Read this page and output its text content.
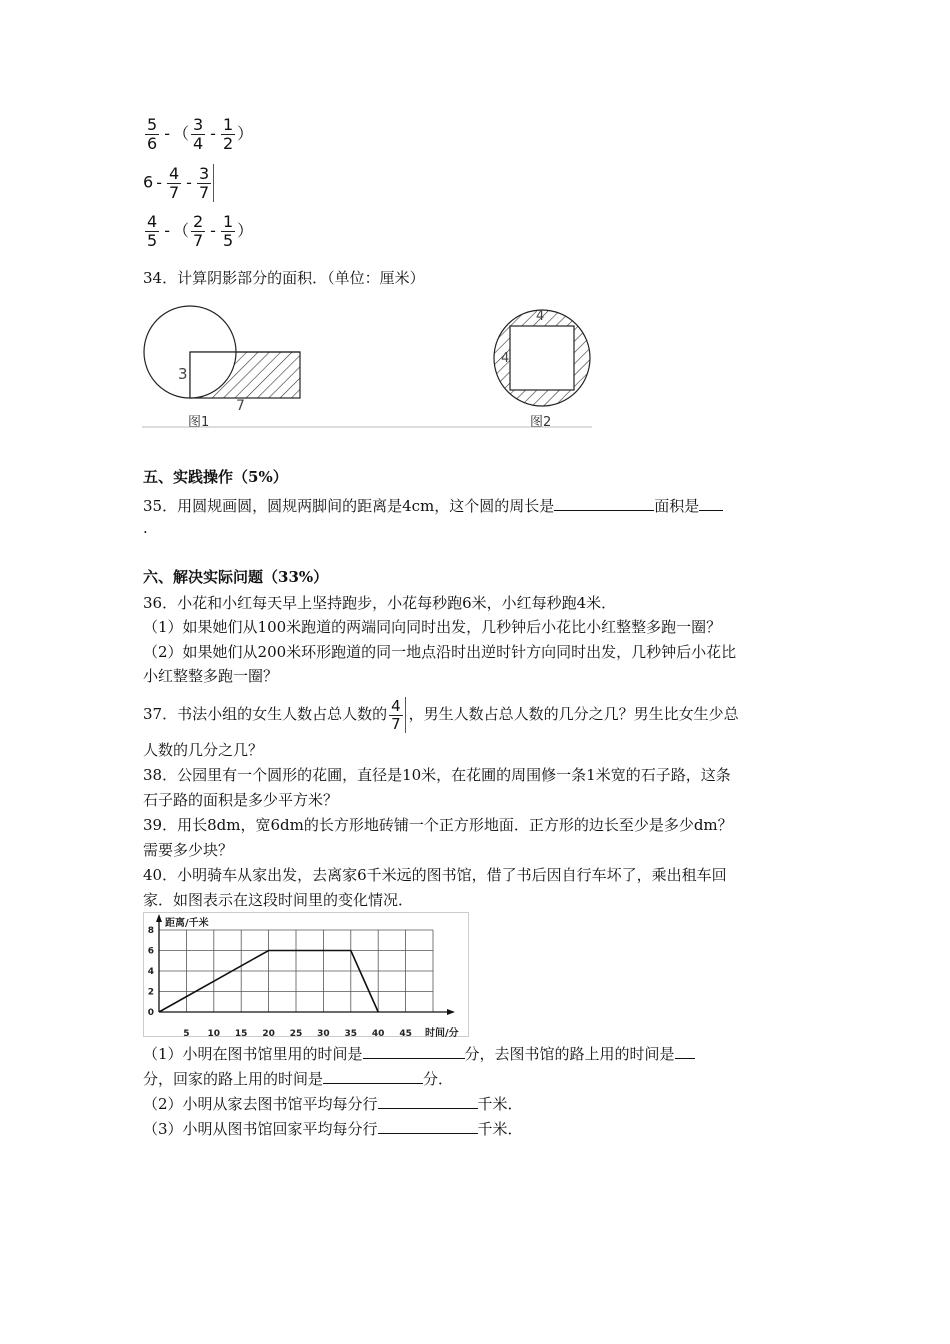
$\frac{5}{6}$ - （ $\frac{3}{4} - \frac{1}{2}$ ）
$6 - \frac{4}{7} - \frac{3}{7}$
$\frac{4}{5}$ - （ $\frac{2}{7} - \frac{1}{5}$ ）
34．计算阴影部分的面积．（单位：厘米）
3
7
图1
4
4
图2
五、实践操作（5%）
35．用圆规画圆，圆规两脚间的距离是4cm，这个圆的周长是	面积是
.
六、解决实际问题（33%）
36．小花和小红每天早上坚持跑步，小花每秒跑6米，小红每秒跑4米．
（1）如果她们从100米跑道的两端同向同时出发，几秒钟后小花比小红整整多跑一圈？
（2）如果她们从200米环形跑道的同一地点沿时出逆时针方向同时出发，几秒钟后小花比
小红整整多跑一圈？
37．书法小组的女生人数占总人数的 $\frac{4}{7}$ ，男生人数占总人数的几分之几？男生比女生少总
人数的几分之几？
38．公园里有一个圆形的花圃，直径是10米，在花圃的周围修一条1米宽的石子路，这条
石子路的面积是多少平方米？
39．用长8dm，宽6dm的长方形地砖铺一个正方形地面．正方形的边长至少是多少dm？
需要多少块？
40．小明骑车从家出发，去离家6千米远的图书馆，借了书后因自行车坏了，乘出租车回
家．如图表示在这段时间里的变化情况．
5 10 15 20 25 30 35 40 45
0
2
4
6
8
距离/千米
时间/分
（1）小明在图书馆里用的时间是	分，去图书馆的路上用的时间是
分，回家的路上用的时间是	分．
（2）小明从家去图书馆平均每分行	千米．
（3）小明从图书馆回家平均每分行	千米．
